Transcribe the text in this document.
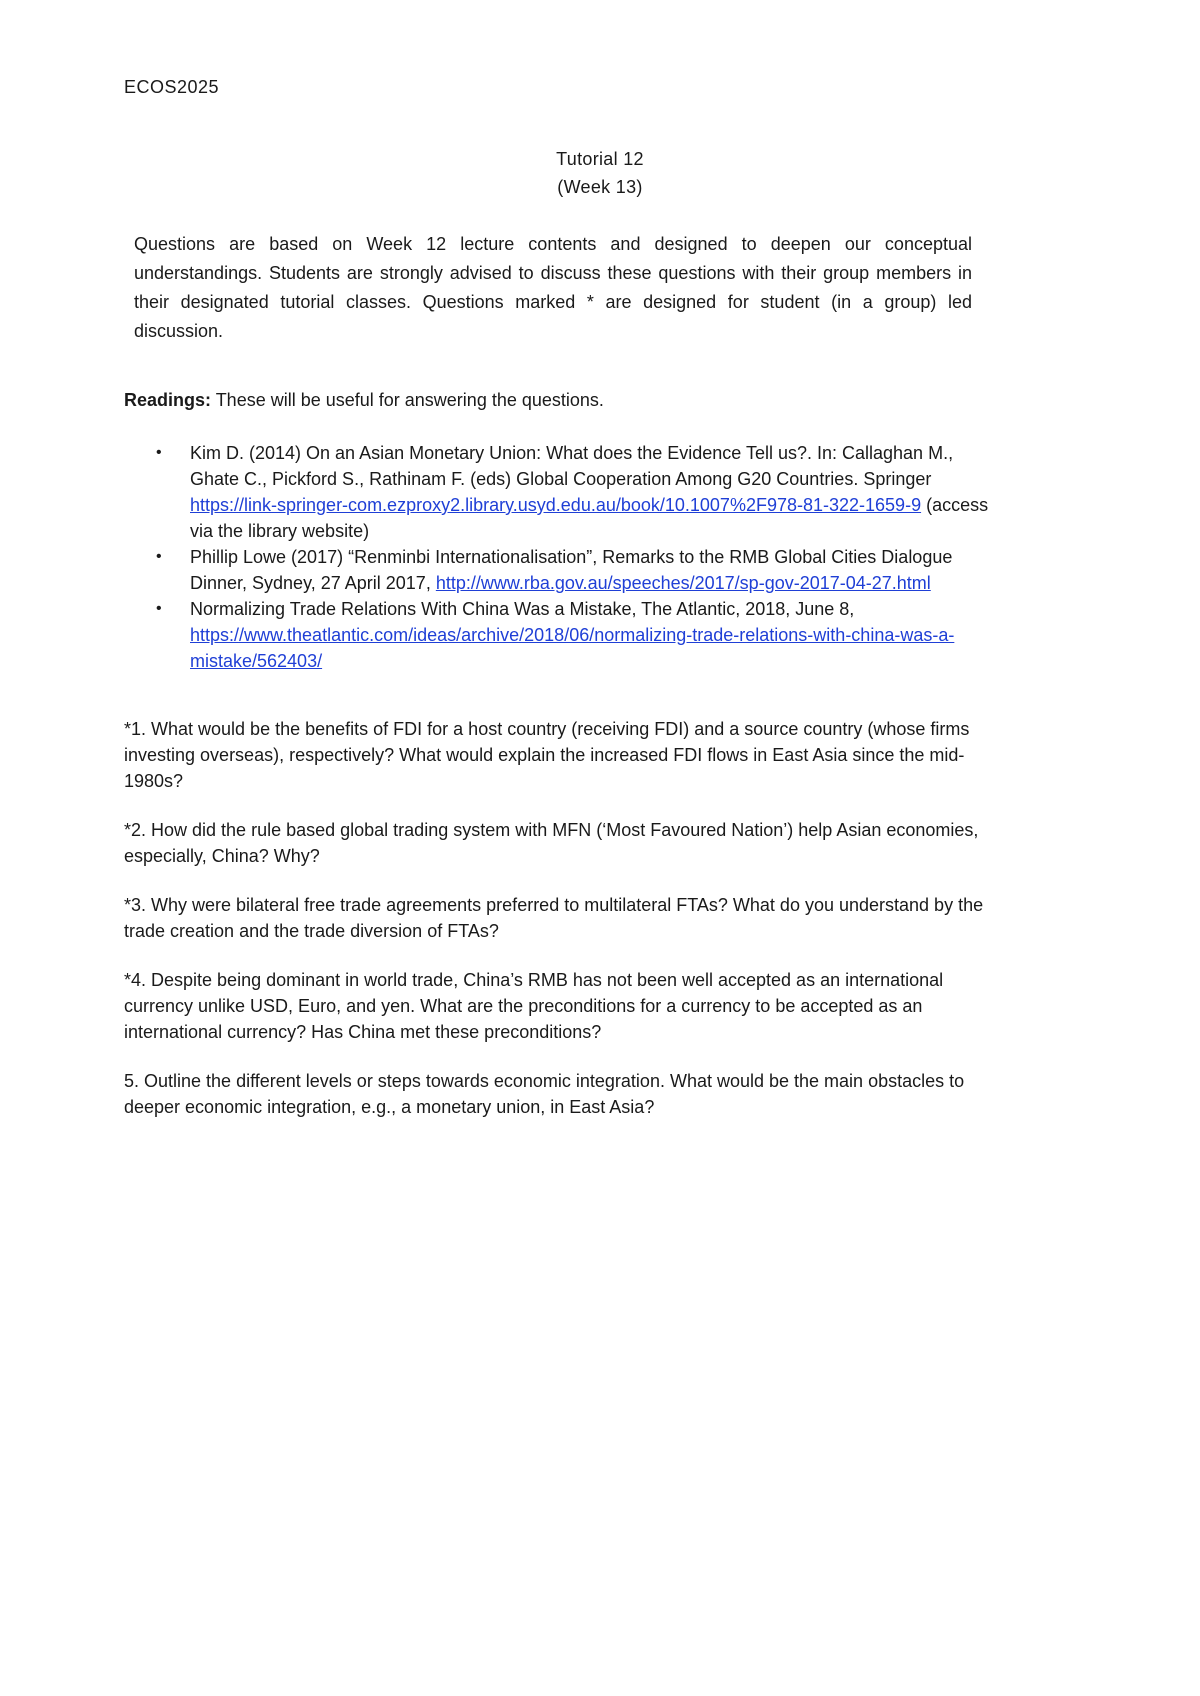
ECOS2025
Tutorial 12
(Week 13)

Questions are based on Week 12 lecture contents and designed to deepen our conceptual understandings. Students are strongly advised to discuss these questions with their group members in their designated tutorial classes. Questions marked * are designed for student (in a group) led discussion.

Readings: These will be useful for answering the questions.

• Kim D. (2014) On an Asian Monetary Union: What does the Evidence Tell us?. In: Callaghan M., Ghate C., Pickford S., Rathinam F. (eds) Global Cooperation Among G20 Countries. Springer https://link-springer-com.ezproxy2.library.usyd.edu.au/book/10.1007%2F978-81-322-1659-9 (access via the library website)
• Phillip Lowe (2017) “Renminbi Internationalisation”, Remarks to the RMB Global Cities Dialogue Dinner, Sydney, 27 April 2017, http://www.rba.gov.au/speeches/2017/sp-gov-2017-04-27.html
• Normalizing Trade Relations With China Was a Mistake, The Atlantic, 2018, June 8, https://www.theatlantic.com/ideas/archive/2018/06/normalizing-trade-relations-with-china-was-a-mistake/562403/

*1. What would be the benefits of FDI for a host country (receiving FDI) and a source country (whose firms investing overseas), respectively? What would explain the increased FDI flows in East Asia since the mid-1980s?

*2. How did the rule based global trading system with MFN (‘Most Favoured Nation’) help Asian economies, especially, China? Why?

*3. Why were bilateral free trade agreements preferred to multilateral FTAs? What do you understand by the trade creation and the trade diversion of FTAs?

*4. Despite being dominant in world trade, China’s RMB has not been well accepted as an international currency unlike USD, Euro, and yen. What are the preconditions for a currency to be accepted as an international currency? Has China met these preconditions?

5. Outline the different levels or steps towards economic integration. What would be the main obstacles to deeper economic integration, e.g., a monetary union, in East Asia?
